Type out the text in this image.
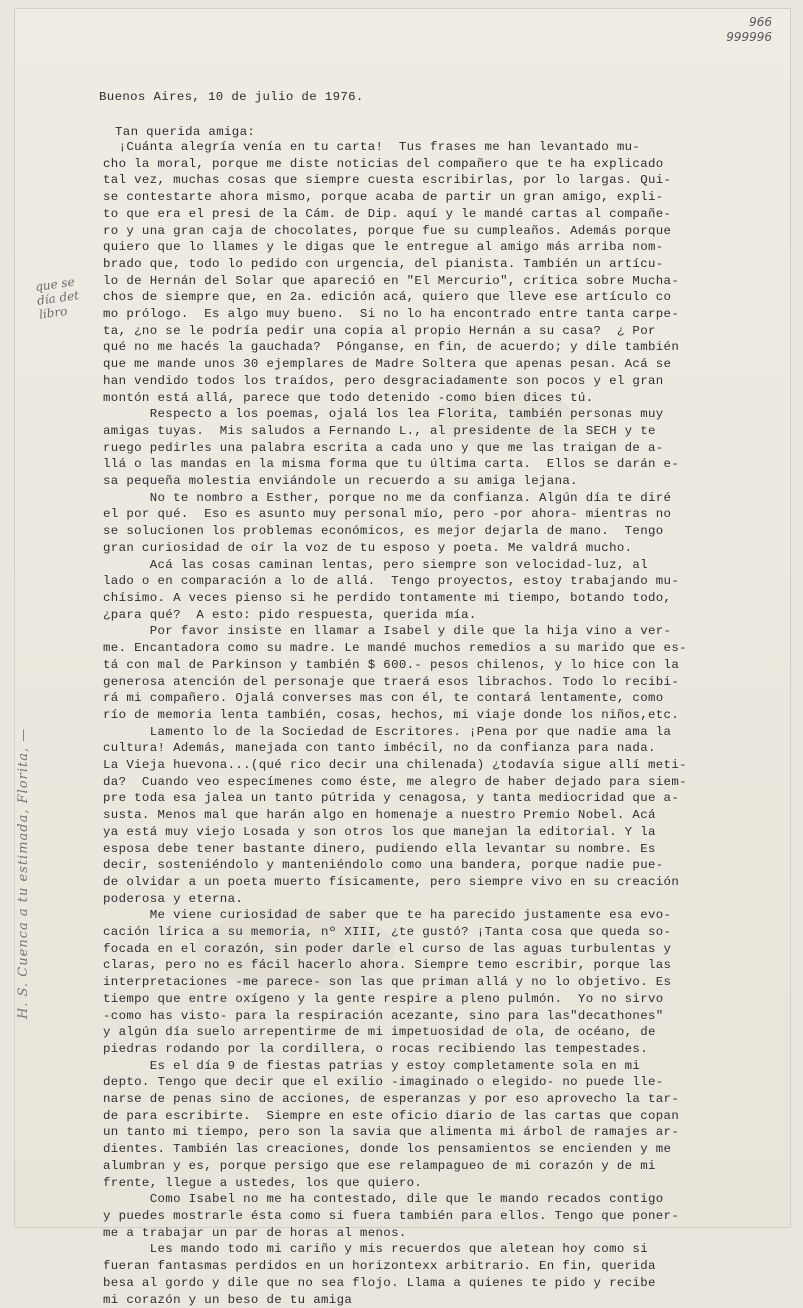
966
999996
Buenos Aires, 10 de julio de 1976.
Tan querida amiga:
¡Cuánta alegría venía en tu carta!  Tus frases me han levantado mu-
cho la moral, porque me diste noticias del compañero que te ha explicado
tal vez, muchas cosas que siempre cuesta escribirlas, por lo largas. Qui-
se contestarte ahora mismo, porque acaba de partir un gran amigo, expli-
to que era el presi de la Cám. de Dip. aquí y le mandé cartas al compañe-
ro y una gran caja de chocolates, porque fue su cumpleaños. Además porque
quiero que lo llames y le digas que le entregue al amigo más arriba nom-
brado que, todo lo pedido con urgencia, del pianista. También un artícu-
lo de Hernán del Solar que apareció en "El Mercurio", crítica sobre Mucha-
chos de siempre que, en 2a. edición acá, quiero que lleve ese artículo co
mo prólogo.  Es algo muy bueno.  Si no lo ha encontrado entre tanta carpe-
ta, ¿no se le podría pedir una copia al propio Hernán a su casa?  ¿ Por
qué no me hacés la gauchada?  Pónganse, en fin, de acuerdo; y dile también
que me mande unos 30 ejemplares de Madre Soltera que apenas pesan. Acá se
han vendido todos los traídos, pero desgraciadamente son pocos y el gran
montón está allá, parece que todo detenido -como bien dices tú.
Respecto a los poemas, ojalá los lea Florita, también personas muy
amigas tuyas.  Mis saludos a Fernando L., al presidente de la SECH y te
ruego pedirles una palabra escrita a cada uno y que me las traigan de a-
llá o las mandas en la misma forma que tu última carta.  Ellos se darán e-
sa pequeña molestia enviándole un recuerdo a su amiga lejana.
No te nombro a Esther, porque no me da confianza. Algún día te diré
el por qué.  Eso es asunto muy personal mío, pero -por ahora- mientras no
se solucionen los problemas económicos, es mejor dejarla de mano.  Tengo
gran curiosidad de oír la voz de tu esposo y poeta. Me valdrá mucho.
Acá las cosas caminan lentas, pero siempre son velocidad-luz, al
lado o en comparación a lo de allá.  Tengo proyectos, estoy trabajando mu-
chísimo. A veces pienso si he perdido tontamente mi tiempo, botando todo,
¿para qué?  A esto: pido respuesta, querida mía.
Por favor insiste en llamar a Isabel y dile que la hija vino a ver-
me. Encantadora como su madre. Le mandé muchos remedios a su marido que es-
tá con mal de Parkinson y también $ 600.- pesos chilenos, y lo hice con la
generosa atención del personaje que traerá esos librachos. Todo lo recibi-
rá mi compañero. Ojalá converses mas con él, te contará lentamente, como
río de memoria lenta también, cosas, hechos, mi viaje donde los niños,etc.
Lamento lo de la Sociedad de Escritores. ¡Pena por que nadie ama la
cultura! Además, manejada con tanto imbécil, no da confianza para nada.
La Vieja huevona...(qué rico decir una chilenada) ¿todavía sigue allí meti-
da?  Cuando veo especímenes como éste, me alegro de haber dejado para siem-
pre toda esa jalea un tanto pútrida y cenagosa, y tanta mediocridad que a-
susta. Menos mal que harán algo en homenaje a nuestro Premio Nobel. Acá
ya está muy viejo Losada y son otros los que manejan la editorial. Y la
esposa debe tener bastante dinero, pudiendo ella levantar su nombre. Es
decir, sosteniéndolo y manteniéndolo como una bandera, porque nadie pue-
de olvidar a un poeta muerto físicamente, pero siempre vivo en su creación
poderosa y eterna.
Me viene curiosidad de saber que te ha parecido justamente esa evo-
cación lírica a su memoria, nº XIII, ¿te gustó? ¡Tanta cosa que queda so-
focada en el corazón, sin poder darle el curso de las aguas turbulentas y
claras, pero no es fácil hacerlo ahora. Siempre temo escribir, porque las
interpretaciones -me parece- son las que priman allá y no lo objetivo. Es
tiempo que entre oxígeno y la gente respire a pleno pulmón.  Yo no sirvo
-como has visto- para la respiración acezante, sino para las"decathones"
y algún día suelo arrepentirme de mi impetuosidad de ola, de océano, de
piedras rodando por la cordillera, o rocas recibiendo las tempestades.
Es el día 9 de fiestas patrias y estoy completamente sola en mi
depto. Tengo que decir que el exilio -imaginado o elegido- no puede lle-
narse de penas sino de acciones, de esperanzas y por eso aprovecho la tar-
de para escribirte.  Siempre en este oficio diario de las cartas que copan
un tanto mi tiempo, pero son la savia que alimenta mi árbol de ramajes ar-
dientes. También las creaciones, donde los pensamientos se encienden y me
alumbran y es, porque persigo que ese relampagueo de mi corazón y de mi
frente, llegue a ustedes, los que quiero.
Como Isabel no me ha contestado, dile que le mando recados contigo
y puedes mostrarle ésta como si fuera también para ellos. Tengo que poner-
me a trabajar un par de horas al menos.
Les mando todo mi cariño y mis recuerdos que aletean hoy como si
fueran fantasmas perdidos en un horizontexx arbitrario. En fin, querida
besa al gordo y dile que no sea flojo. Llama a quienes te pido y recibe
mi corazón y un beso de tu amiga
que se
día det
libro
H. S. Cuenca a tu estimada, Florita, —
